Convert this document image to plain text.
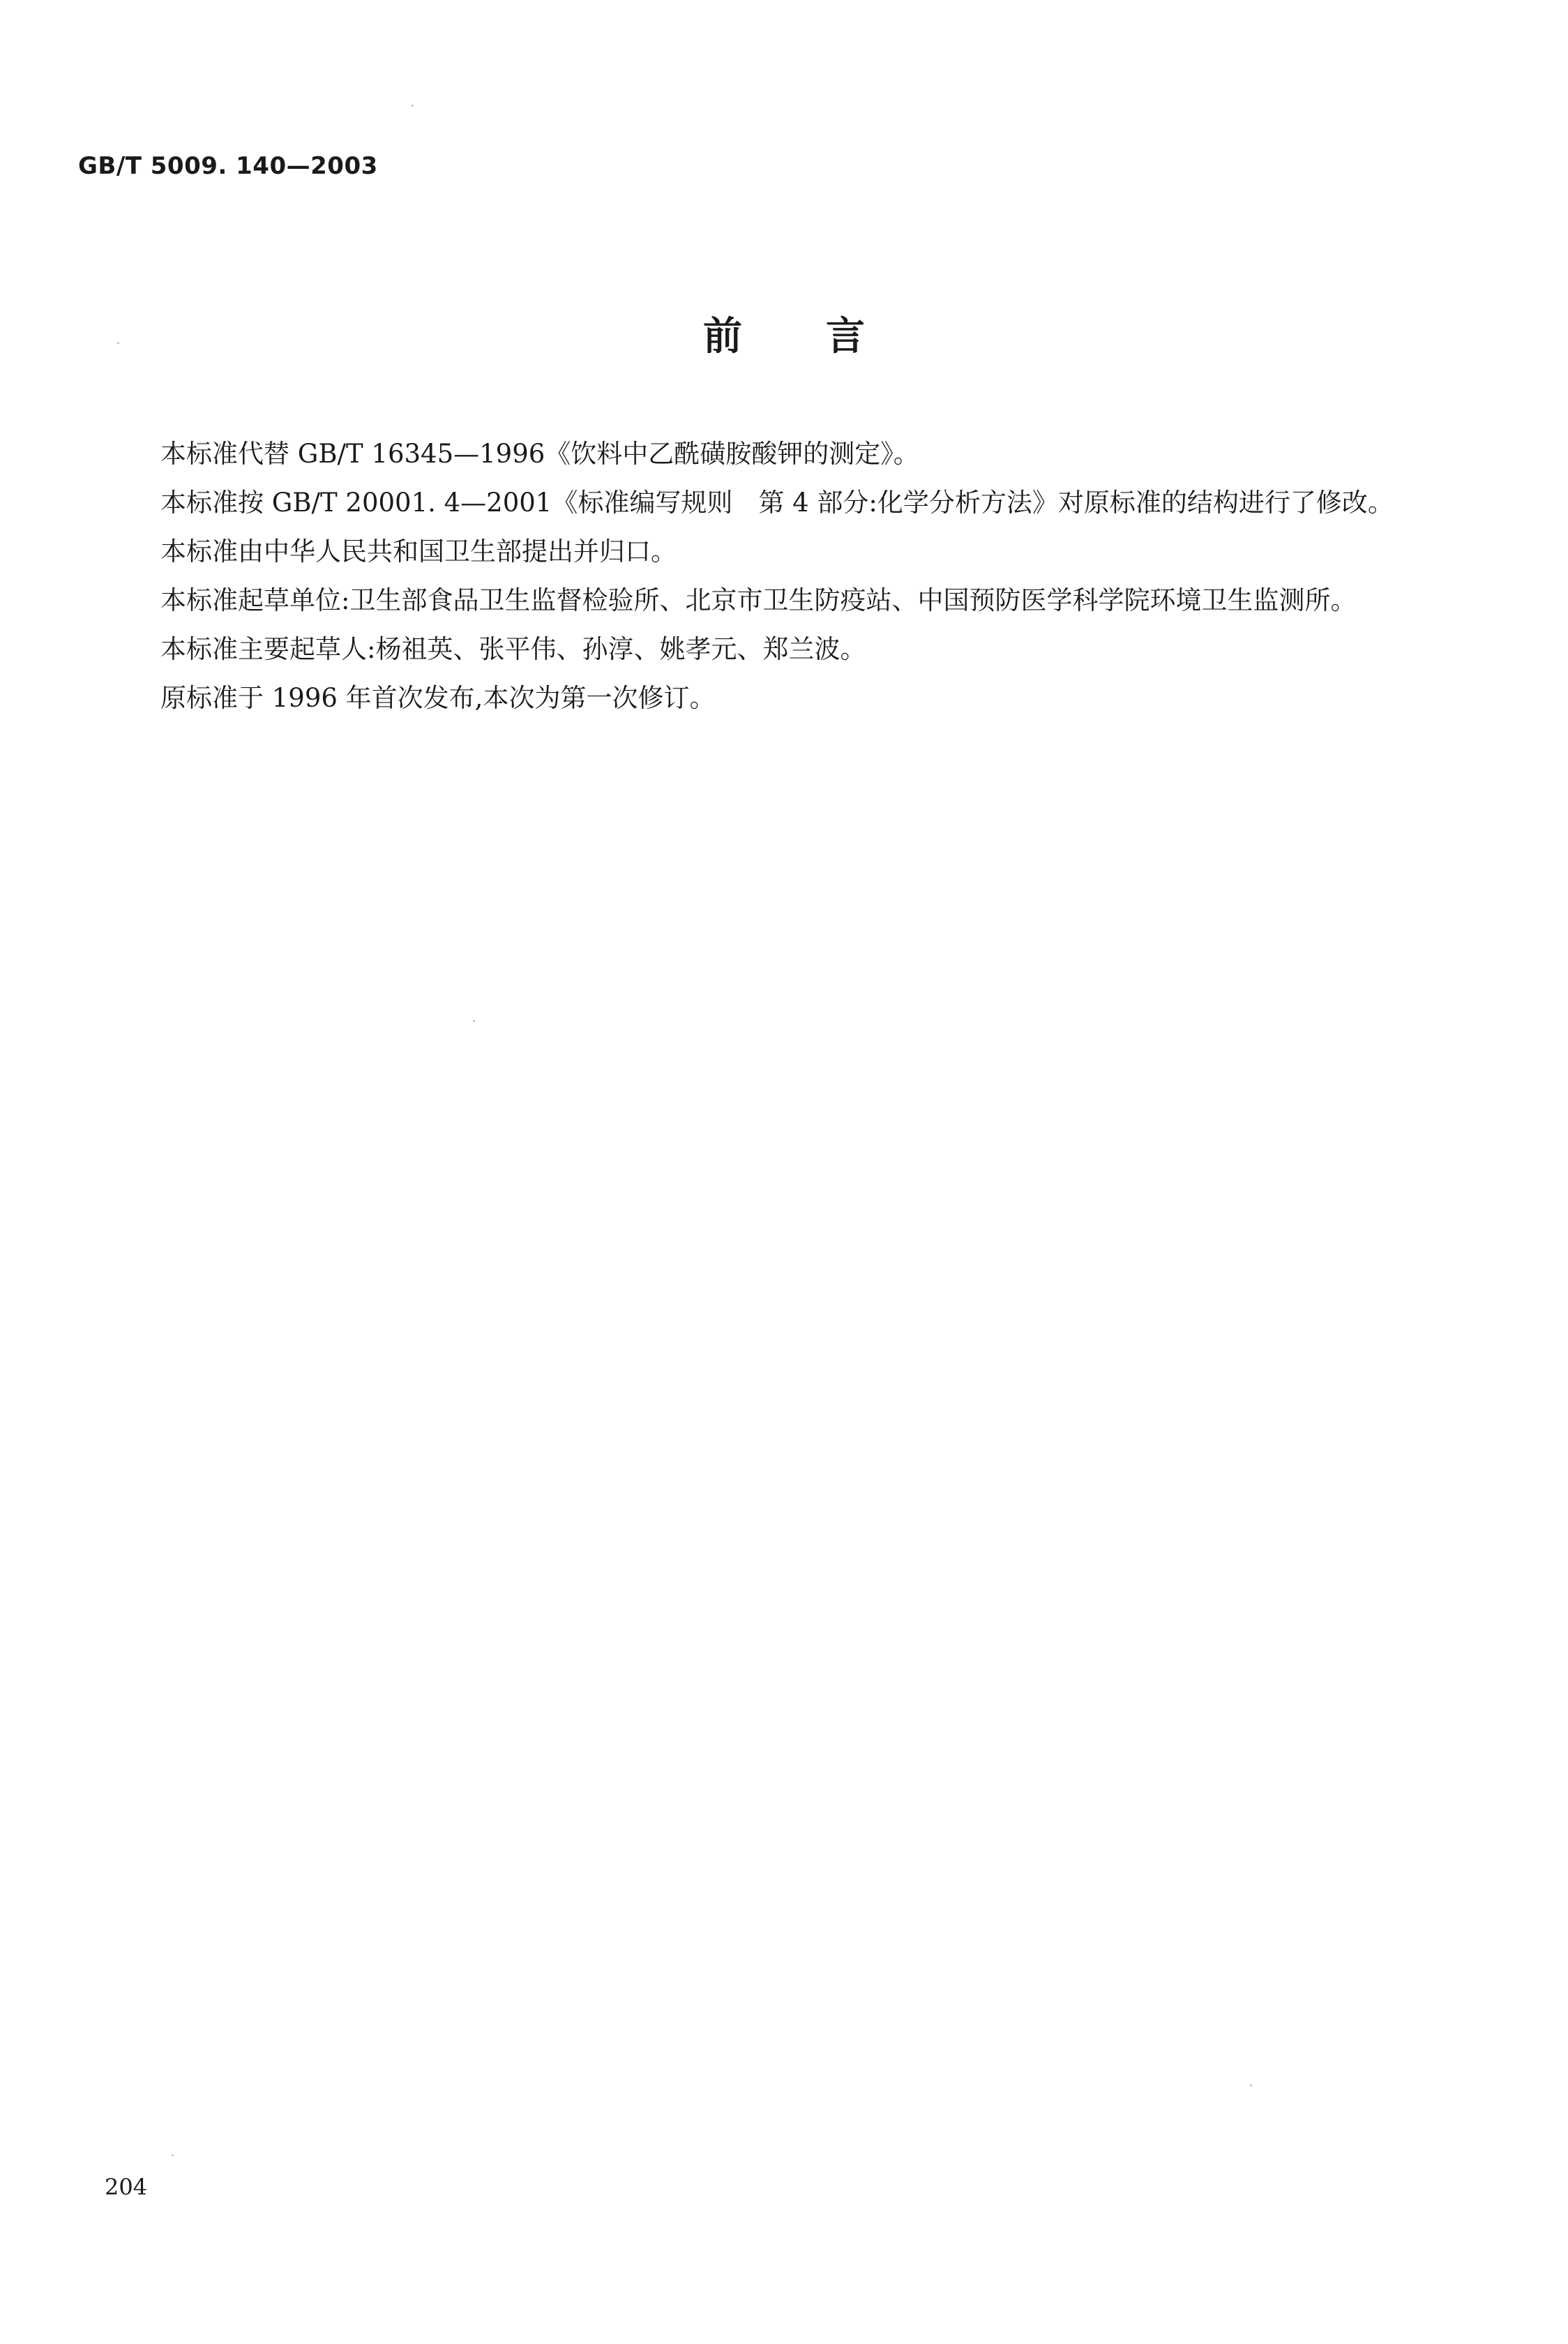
GB/T 5009. 140—2003
前言

本标准代替 GB/T 16345—1996《饮料中乙酰磺胺酸钾的测定》。

本标准按 GB/T 20001. 4—2001《标准编写规则　第 4 部分:化学分析方法》对原标准的结构进行了修改。

本标准由中华人民共和国卫生部提出并归口。

本标准起草单位:卫生部食品卫生监督检验所、北京市卫生防疫站、中国预防医学科学院环境卫生监测所。

本标准主要起草人:杨祖英、张平伟、孙淳、姚孝元、郑兰波。

原标准于 1996 年首次发布,本次为第一次修订。

204
